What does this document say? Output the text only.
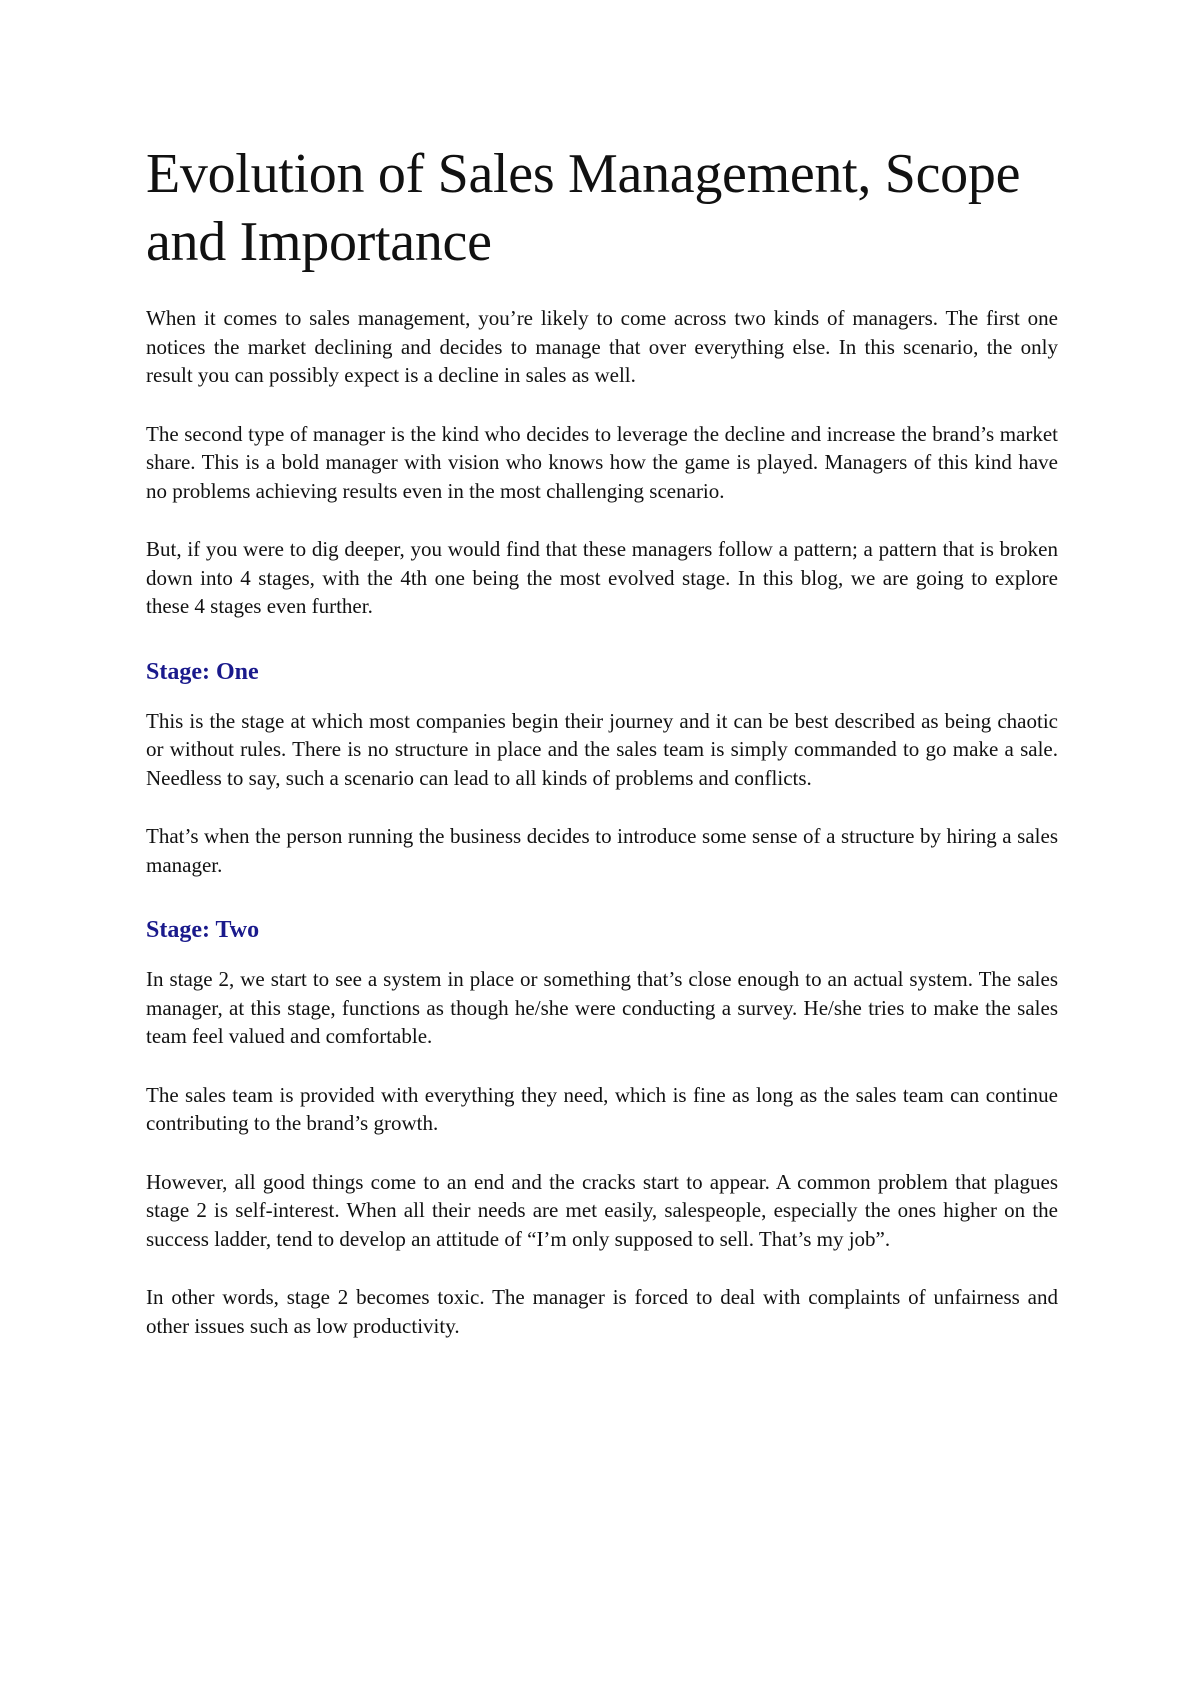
Evolution of Sales Management, Scope and Importance

When it comes to sales management, you’re likely to come across two kinds of managers. The first one notices the market declining and decides to manage that over everything else. In this scenario, the only result you can possibly expect is a decline in sales as well.

The second type of manager is the kind who decides to leverage the decline and increase the brand’s market share. This is a bold manager with vision who knows how the game is played. Managers of this kind have no problems achieving results even in the most challenging scenario.

But, if you were to dig deeper, you would find that these managers follow a pattern; a pattern that is broken down into 4 stages, with the 4th one being the most evolved stage. In this blog, we are going to explore these 4 stages even further.

Stage: One

This is the stage at which most companies begin their journey and it can be best described as being chaotic or without rules. There is no structure in place and the sales team is simply commanded to go make a sale. Needless to say, such a scenario can lead to all kinds of problems and conflicts.

That’s when the person running the business decides to introduce some sense of a structure by hiring a sales manager.

Stage: Two

In stage 2, we start to see a system in place or something that’s close enough to an actual system. The sales manager, at this stage, functions as though he/she were conducting a survey. He/she tries to make the sales team feel valued and comfortable.

The sales team is provided with everything they need, which is fine as long as the sales team can continue contributing to the brand’s growth.

However, all good things come to an end and the cracks start to appear. A common problem that plagues stage 2 is self-interest. When all their needs are met easily, salespeople, especially the ones higher on the success ladder, tend to develop an attitude of “I’m only supposed to sell. That’s my job”.

In other words, stage 2 becomes toxic. The manager is forced to deal with complaints of unfairness and other issues such as low productivity.
